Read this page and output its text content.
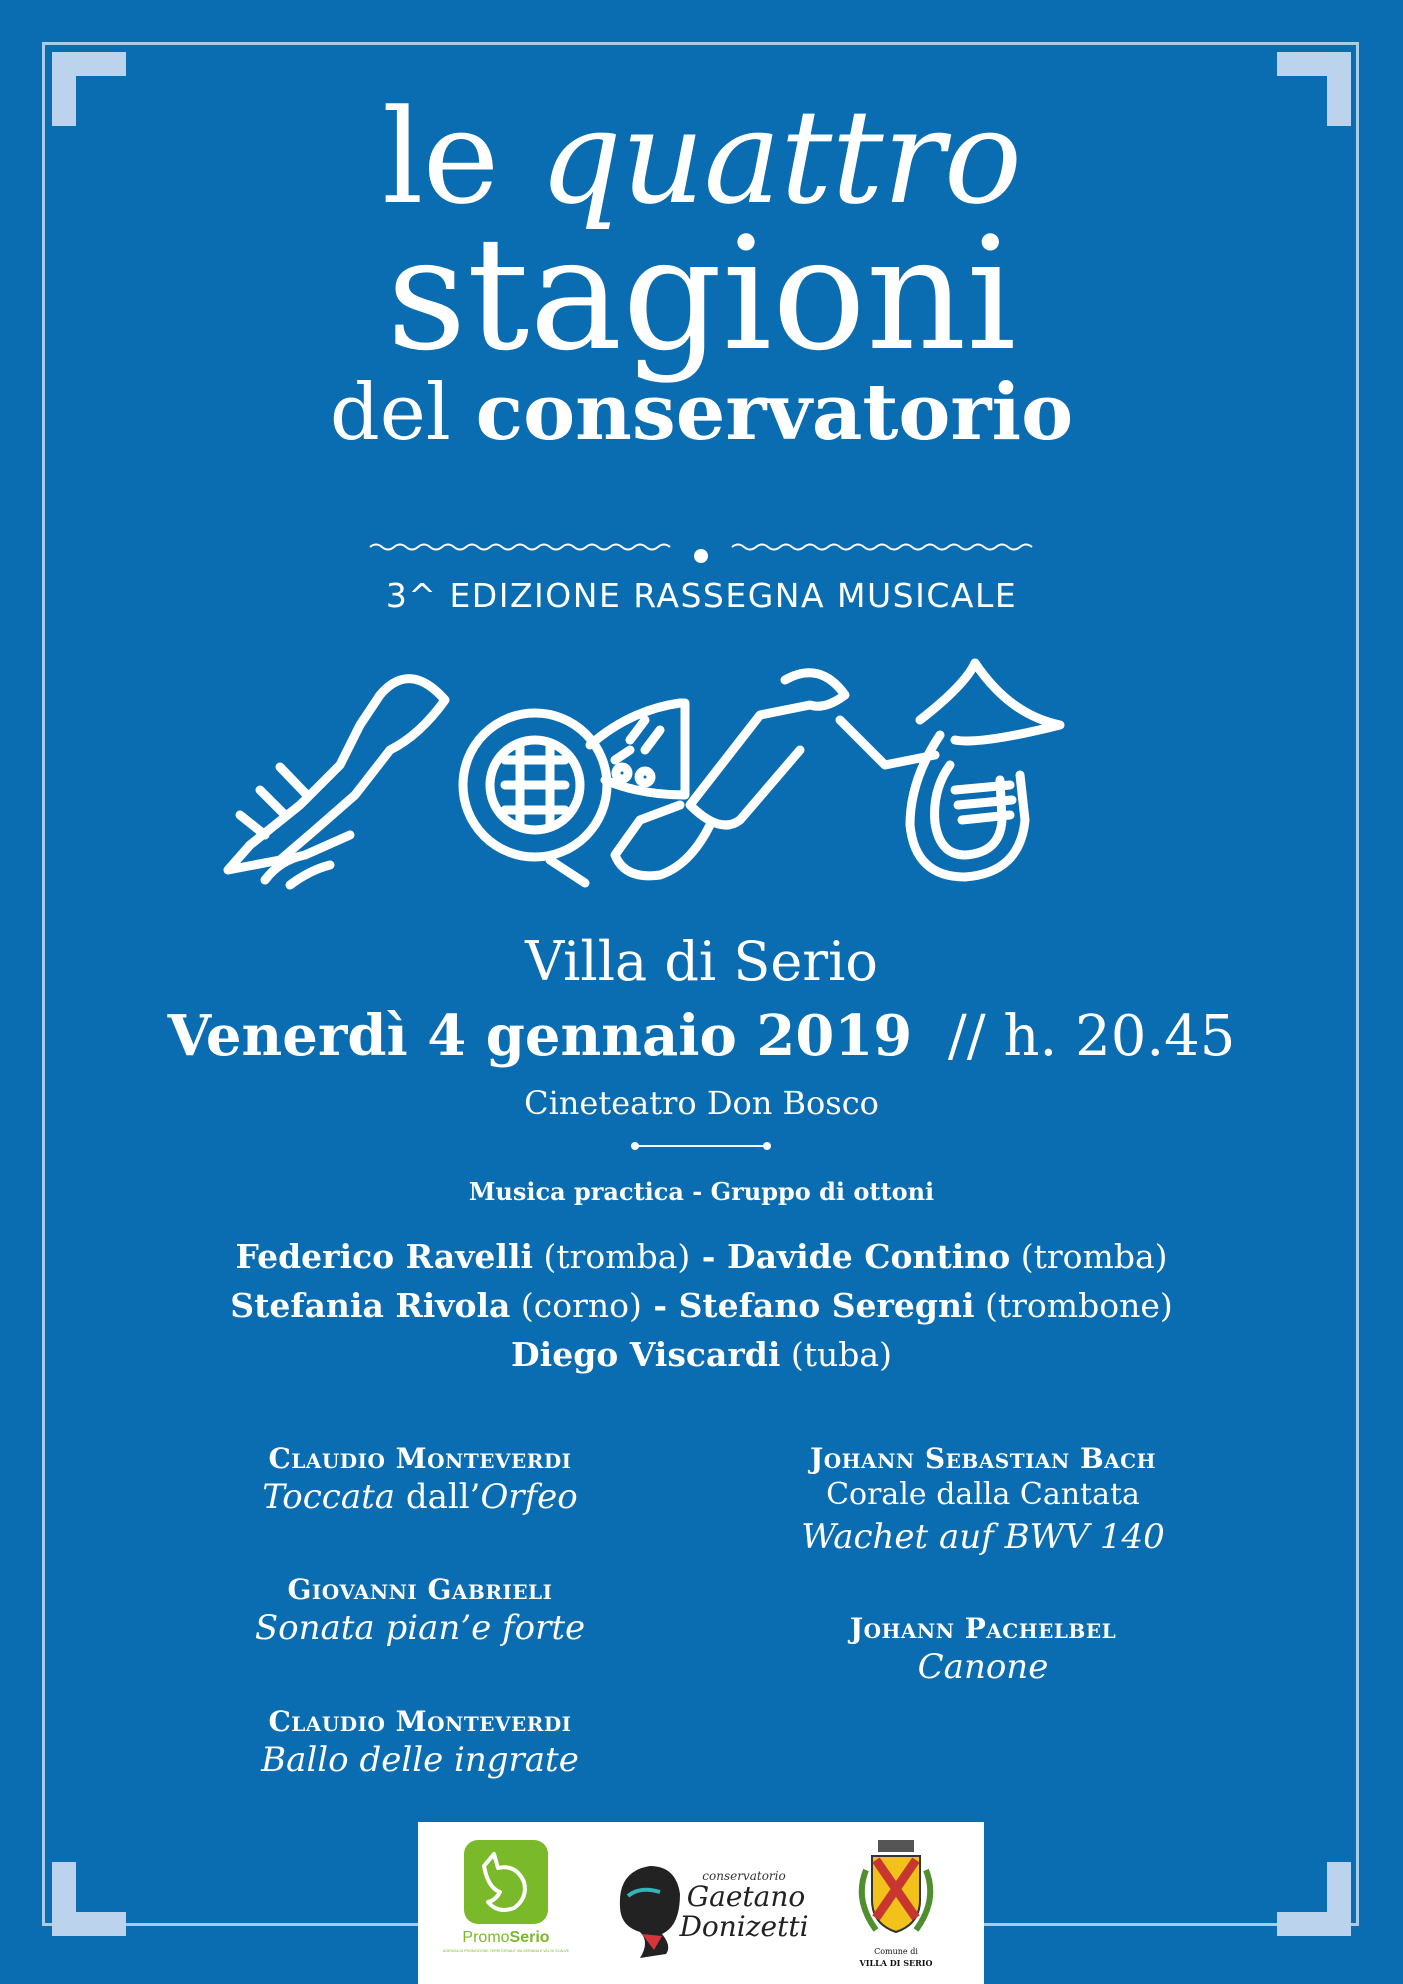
le quattro
stagioni
del conservatorio
3^ EDIZIONE RASSEGNA MUSICALE
Villa di Serio
Venerdì 4 gennaio 2019 // h. 20.45
Cineteatro Don Bosco
Musica practica - Gruppo di ottoni
Federico Ravelli (tromba) - Davide Contino (tromba)
Stefania Rivola (corno) - Stefano Seregni (trombone)
Diego Viscardi (tuba)
Claudio Monteverdi
Toccata dall’Orfeo
Giovanni Gabrieli
Sonata pian’e forte
Claudio Monteverdi
Ballo delle ingrate
Johann Sebastian Bach
Corale dalla Cantata
Wachet auf BWV 140
Johann Pachelbel
Canone
PromoSerio
AGENZIA DI PROMOZIONE TERRITORIALE VALSERIANA E VAL DI SCALVE
conservatorio
Gaetano
Donizetti
Comune di
VILLA DI SERIO
